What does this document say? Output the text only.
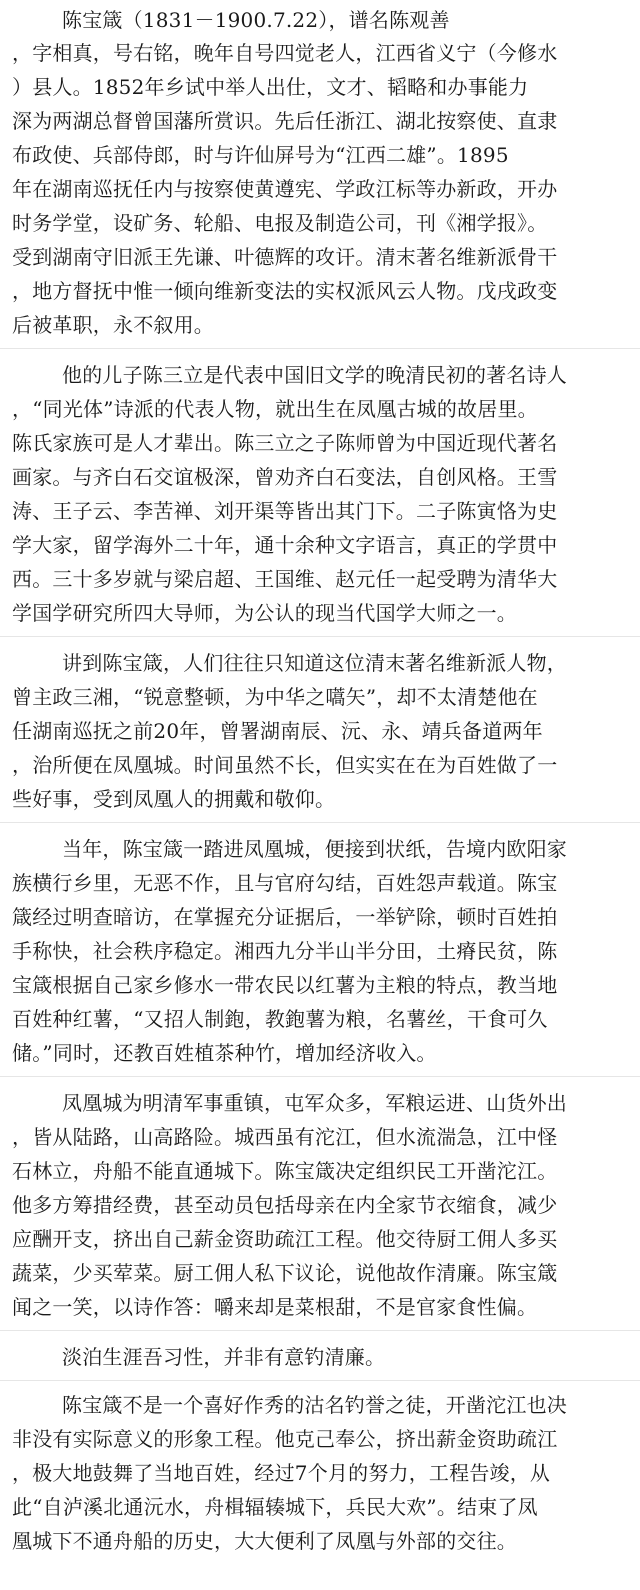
陈宝箴（1831－1900.7.22），谱名陈观善
，字相真，号右铭，晚年自号四觉老人，江西省义宁（今修水
）县人。1852年乡试中举人出仕，文才、韬略和办事能力
深为两湖总督曾国藩所赏识。先后任浙江、湖北按察使、直隶
布政使、兵部侍郎，时与许仙屏号为“江西二雄”。1895
年在湖南巡抚任内与按察使黄遵宪、学政江标等办新政，开办
时务学堂，设矿务、轮船、电报及制造公司，刊《湘学报》。
受到湖南守旧派王先谦、叶德辉的攻讦。清末著名维新派骨干
，地方督抚中惟一倾向维新变法的实权派风云人物。戊戌政变
后被革职，永不叙用。
他的儿子陈三立是代表中国旧文学的晚清民初的著名诗人
，“同光体”诗派的代表人物，就出生在凤凰古城的故居里。
陈氏家族可是人才辈出。陈三立之子陈师曾为中国近现代著名
画家。与齐白石交谊极深，曾劝齐白石变法，自创风格。王雪
涛、王子云、李苦禅、刘开渠等皆出其门下。二子陈寅恪为史
学大家，留学海外二十年，通十余种文字语言，真正的学贯中
西。三十多岁就与梁启超、王国维、赵元任一起受聘为清华大
学国学研究所四大导师，为公认的现当代国学大师之一。
讲到陈宝箴，人们往往只知道这位清末著名维新派人物，
曾主政三湘，“锐意整顿，为中华之嚆矢”，却不太清楚他在
任湖南巡抚之前20年，曾署湖南辰、沅、永、靖兵备道两年
，治所便在凤凰城。时间虽然不长，但实实在在为百姓做了一
些好事，受到凤凰人的拥戴和敬仰。
当年，陈宝箴一踏进凤凰城，便接到状纸，告境内欧阳家
族横行乡里，无恶不作，且与官府勾结，百姓怨声载道。陈宝
箴经过明查暗访，在掌握充分证据后，一举铲除，顿时百姓拍
手称快，社会秩序稳定。湘西九分半山半分田，土瘠民贫，陈
宝箴根据自己家乡修水一带农民以红薯为主粮的特点，教当地
百姓种红薯，“又招人制鉋，教鉋薯为粮，名薯丝，干食可久
储。”同时，还教百姓植茶种竹，增加经济收入。
凤凰城为明清军事重镇，屯军众多，军粮运进、山货外出
，皆从陆路，山高路险。城西虽有沱江，但水流湍急，江中怪
石林立，舟船不能直通城下。陈宝箴决定组织民工开凿沱江。
他多方筹措经费，甚至动员包括母亲在内全家节衣缩食，减少
应酬开支，挤出自己薪金资助疏江工程。他交待厨工佣人多买
蔬菜，少买荤菜。厨工佣人私下议论，说他故作清廉。陈宝箴
闻之一笑，以诗作答：嚼来却是菜根甜，不是官家食性偏。
淡泊生涯吾习性，并非有意钓清廉。
陈宝箴不是一个喜好作秀的沽名钓誉之徒，开凿沱江也决
非没有实际意义的形象工程。他克己奉公，挤出薪金资助疏江
，极大地鼓舞了当地百姓，经过7个月的努力，工程告竣，从
此“自泸溪北通沅水，舟楫辐辏城下，兵民大欢”。结束了凤
凰城下不通舟船的历史，大大便利了凤凰与外部的交往。
